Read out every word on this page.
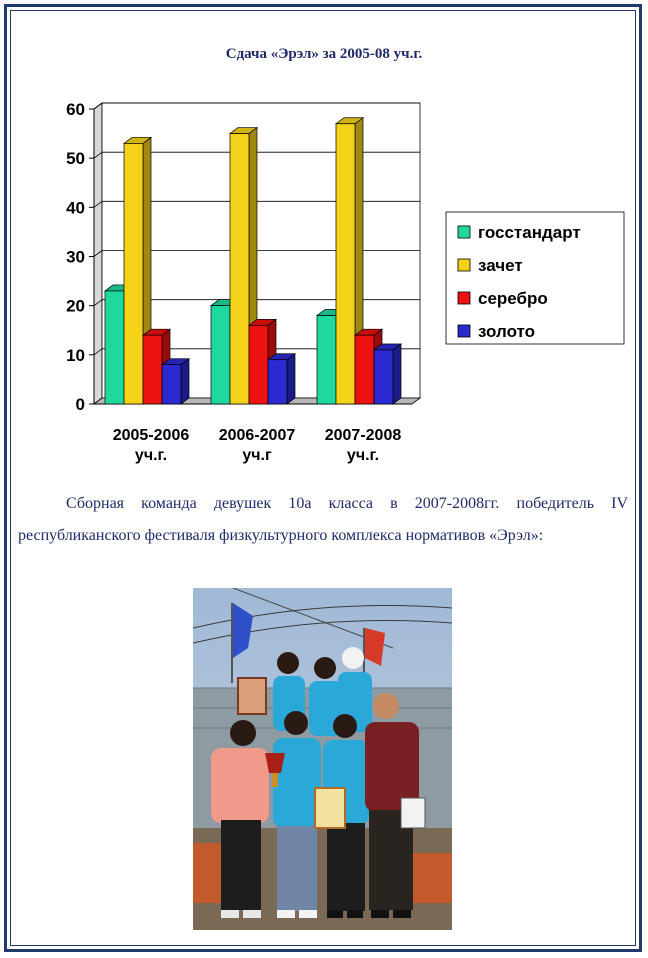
Сдача «Эрэл» за 2005-08 уч.г.
0
10
20
30
40
50
60
2005-2006
уч.г.
2006-2007
уч.г
2007-2008
уч.г.
госстандарт
зачет
серебро
золото

Сборная команда девушек 10а класса в 2007-2008гг. победитель IV республиканского фестиваля физкультурного комплекса нормативов «Эрэл»:
